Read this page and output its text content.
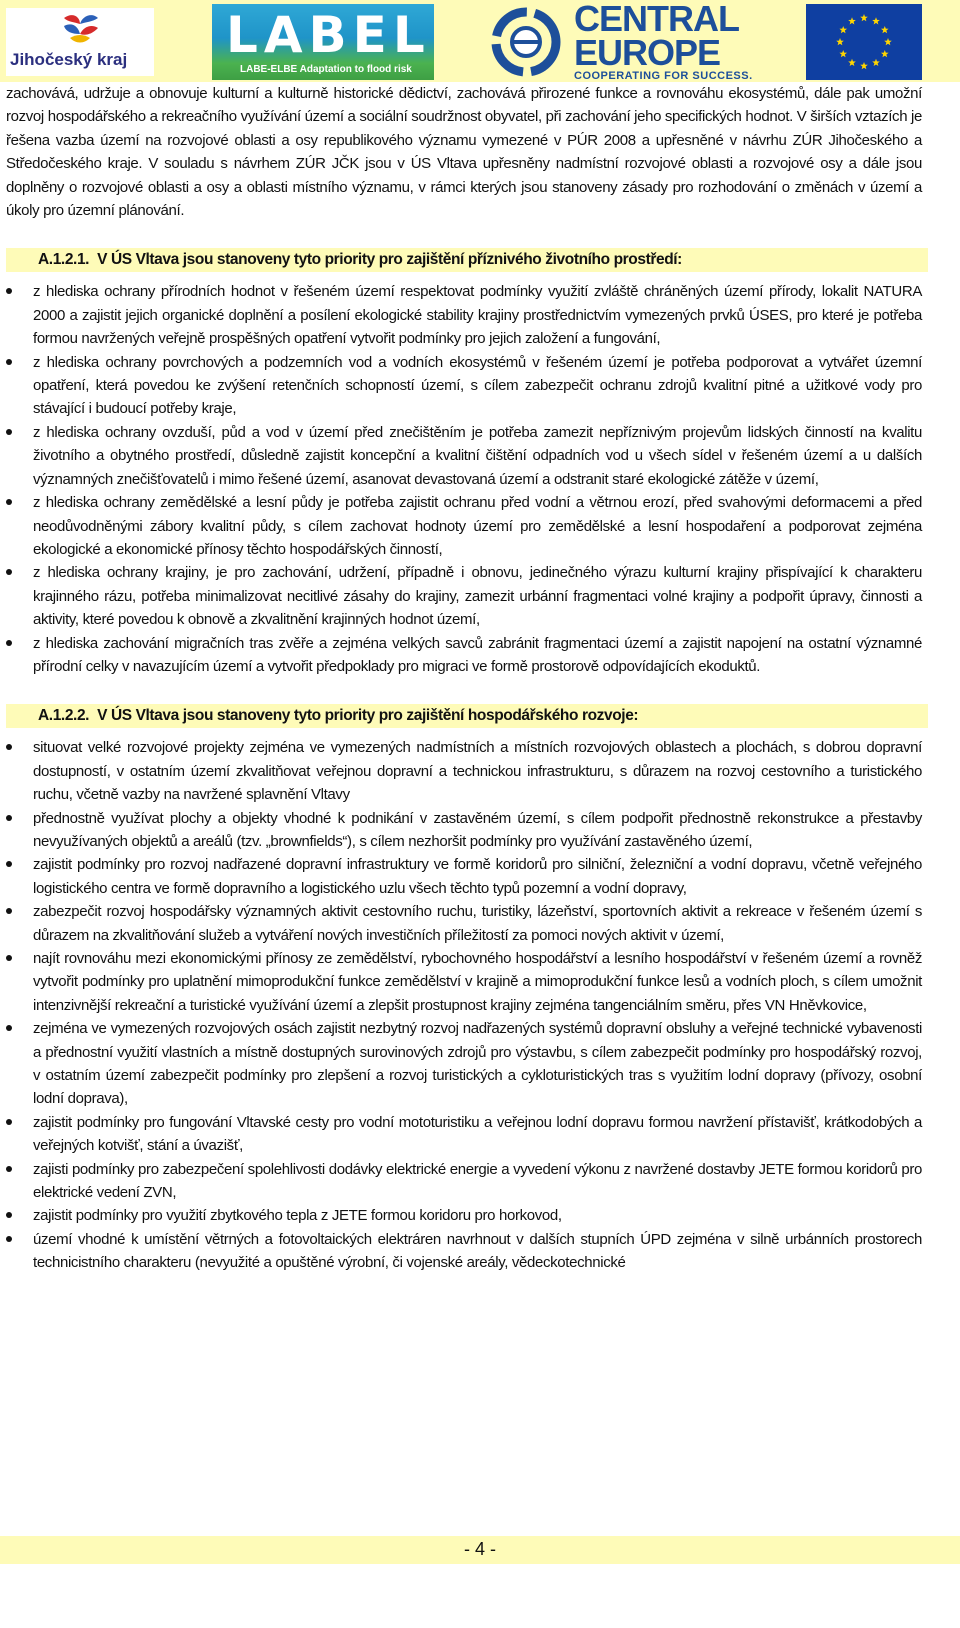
Jihočeský kraj	LABEL
LABE-ELBE Adaptation to flood risk
CENTRAL
EUROPE
COOPERATING FOR SUCCESS.

zachovává, udržuje a obnovuje kulturní a kulturně historické dědictví, zachovává přirozené funkce a rovnováhu ekosystémů, dále pak umožní rozvoj hospodářského a rekreačního využívání území a sociální soudržnost obyvatel, při zachování jeho specifických hodnot. V širších vztazích je řešena vazba území na rozvojové oblasti a osy republikového významu vymezené v PÚR 2008 a upřesněné v návrhu ZÚR Jihočeského a Středočeského kraje. V souladu s návrhem ZÚR JČK jsou v ÚS Vltava upřesněny nadmístní rozvojové oblasti a rozvojové osy a dále jsou doplněny o rozvojové oblasti a osy a oblasti místního významu, v rámci kterých jsou stanoveny zásady pro rozhodování o změnách v území a úkoly pro územní plánování.

A.1.2.1. V ÚS Vltava jsou stanoveny tyto priority pro zajištění příznivého životního prostředí:
z hlediska ochrany přírodních hodnot v řešeném území respektovat podmínky využití zvláště chráněných území přírody, lokalit NATURA 2000 a zajistit jejich organické doplnění a posílení ekologické stability krajiny prostřednictvím vymezených prvků ÚSES, pro které je potřeba formou navržených veřejně prospěšných opatření vytvořit podmínky pro jejich založení a fungování,
z hlediska ochrany povrchových a podzemních vod a vodních ekosystémů v řešeném území je potřeba podporovat a vytvářet územní opatření, která povedou ke zvýšení retenčních schopností území, s cílem zabezpečit ochranu zdrojů kvalitní pitné a užitkové vody pro stávající i budoucí potřeby kraje,
z hlediska ochrany ovzduší, půd a vod v území před znečištěním je potřeba zamezit nepříznivým projevům lidských činností na kvalitu životního a obytného prostředí, důsledně zajistit koncepční a kvalitní čištění odpadních vod u všech sídel v řešeném území a u dalších významných znečišťovatelů i mimo řešené území, asanovat devastovaná území a odstranit staré ekologické zátěže v území,
z hlediska ochrany zemědělské a lesní půdy je potřeba zajistit ochranu před vodní a větrnou erozí, před svahovými deformacemi a před neodůvodněnými zábory kvalitní půdy, s cílem zachovat hodnoty území pro zemědělské a lesní hospodaření a podporovat zejména ekologické a ekonomické přínosy těchto hospodářských činností,
z hlediska ochrany krajiny, je pro zachování, udržení, případně i obnovu, jedinečného výrazu kulturní krajiny přispívající k charakteru krajinného rázu, potřeba minimalizovat necitlivé zásahy do krajiny, zamezit urbánní fragmentaci volné krajiny a podpořit úpravy, činnosti a aktivity, které povedou k obnově a zkvalitnění krajinných hodnot území,
z hlediska zachování migračních tras zvěře a zejména velkých savců zabránit fragmentaci území a zajistit napojení na ostatní významné přírodní celky v navazujícím území a vytvořit předpoklady pro migraci ve formě prostorově odpovídajících ekoduktů.
A.1.2.2. V ÚS Vltava jsou stanoveny tyto priority pro zajištění hospodářského rozvoje:
situovat velké rozvojové projekty zejména ve vymezených nadmístních a místních rozvojových oblastech a plochách, s dobrou dopravní dostupností, v ostatním území zkvalitňovat veřejnou dopravní a technickou infrastrukturu, s důrazem na rozvoj cestovního a turistického ruchu, včetně vazby na navržené splavnění Vltavy
přednostně využívat plochy a objekty vhodné k podnikání v zastavěném území, s cílem podpořit přednostně rekonstrukce a přestavby nevyužívaných objektů a areálů (tzv. „brownfields“), s cílem nezhoršit podmínky pro využívání zastavěného území,
zajistit podmínky pro rozvoj nadřazené dopravní infrastruktury ve formě koridorů pro silniční, železniční a vodní dopravu, včetně veřejného logistického centra ve formě dopravního a logistického uzlu všech těchto typů pozemní a vodní dopravy,
zabezpečit rozvoj hospodářsky významných aktivit cestovního ruchu, turistiky, lázeňství, sportovních aktivit a rekreace v řešeném území s důrazem na zkvalitňování služeb a vytváření nových investičních příležitostí za pomoci nových aktivit v území,
najít rovnováhu mezi ekonomickými přínosy ze zemědělství, rybochovného hospodářství a lesního hospodářství v řešeném území a rovněž vytvořit podmínky pro uplatnění mimoprodukční funkce zemědělství v krajině a mimoprodukční funkce lesů a vodních ploch, s cílem umožnit intenzivnější rekreační a turistické využívání území a zlepšit prostupnost krajiny zejména tangenciálním směru, přes VN Hněvkovice,
zejména ve vymezených rozvojových osách zajistit nezbytný rozvoj nadřazených systémů dopravní obsluhy a veřejné technické vybavenosti a přednostní využití vlastních a místně dostupných surovinových zdrojů pro výstavbu, s cílem zabezpečit podmínky pro hospodářský rozvoj, v ostatním území zabezpečit podmínky pro zlepšení a rozvoj turistických a cykloturistických tras s využitím lodní dopravy (přívozy, osobní lodní doprava),
zajistit podmínky pro fungování Vltavské cesty pro vodní mototuristiku a veřejnou lodní dopravu formou navržení přístavišť, krátkodobých a veřejných kotvišť, stání a úvazišť,
zajisti podmínky pro zabezpečení spolehlivosti dodávky elektrické energie a vyvedení výkonu z navržené dostavby JETE formou koridorů pro elektrické vedení ZVN,
zajistit podmínky pro využití zbytkového tepla z JETE formou koridoru pro horkovod,
území vhodné k umístění větrných a fotovoltaických elektráren navrhnout v dalších stupních ÚPD zejména v silně urbánních prostorech technicistního charakteru (nevyužité a opuštěné výrobní, či vojenské areály, vědeckotechnické
- 4 -
